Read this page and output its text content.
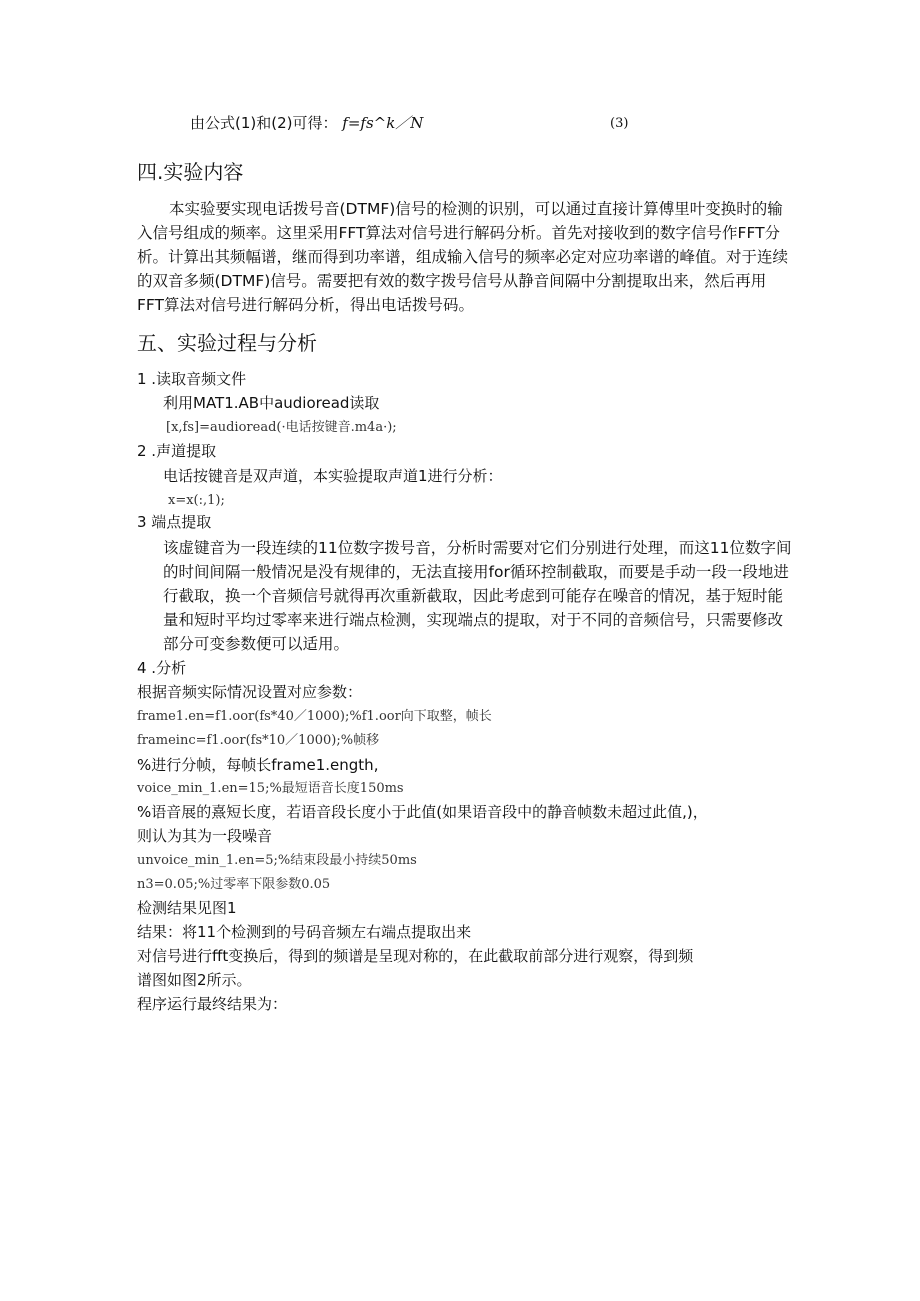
由公式(1)和(2)可得： f=fs^k／N	(3)
四.实验内容

本实验要实现电话拨号音(DTMF)信号的检测的识别，可以通过直接计算傅里叶变换时的输入信号组成的频率。这里采用FFT算法对信号进行解码分析。首先对接收到的数字信号作FFT分析。计算出其频幅谱，继而得到功率谱，组成输入信号的频率必定对应功率谱的峰值。对于连续的双音多频(DTMF)信号。需要把有效的数字拨号信号从静音间隔中分割提取出来，然后再用FFT算法对信号进行解码分析，得出电话拨号码。

五、实验过程与分析
1 .读取音频文件
利用MAT1.AB中audioread读取
[x,fs]=audioread(·电话按键音.m4a·);
2 .声道提取
电话按键音是双声道，本实验提取声道1进行分析：
x=x(:,1);
3 端点提取

该虚键音为一段连续的11位数字拨号音，分析时需要对它们分别进行处理，而这11位数字间的时间间隔一般情况是没有规律的，无法直接用for循环控制截取，而要是手动一段一段地进行截取，换一个音频信号就得再次重新截取，因此考虑到可能存在噪音的情况，基于短时能量和短时平均过零率来进行端点检测，实现端点的提取，对于不同的音频信号，只需要修改部分可变参数便可以适用。

4 .分析
根据音频实际情况设置对应参数：
frame1.en=f1.oor(fs*40／1000);%f1.oor向下取整，帧长
frameinc=f1.oor(fs*10／1000);%帧移
%进行分帧，每帧长frame1.ength,
voice_min_1.en=15;%最短语音长度150ms
%语音展的熹短长度，若语音段长度小于此值(如果语音段中的静音帧数未超过此值,)，
则认为其为一段噪音
unvoice_min_1.en=5;%结束段最小持续50ms
n3=0.05;%过零率下限参数0.05
检测结果见图1
结果：将11个检测到的号码音频左右端点提取出来
对信号进行fft变换后，得到的频谱是呈现对称的，在此截取前部分进行观察，得到频
谱图如图2所示。
程序运行最终结果为：
